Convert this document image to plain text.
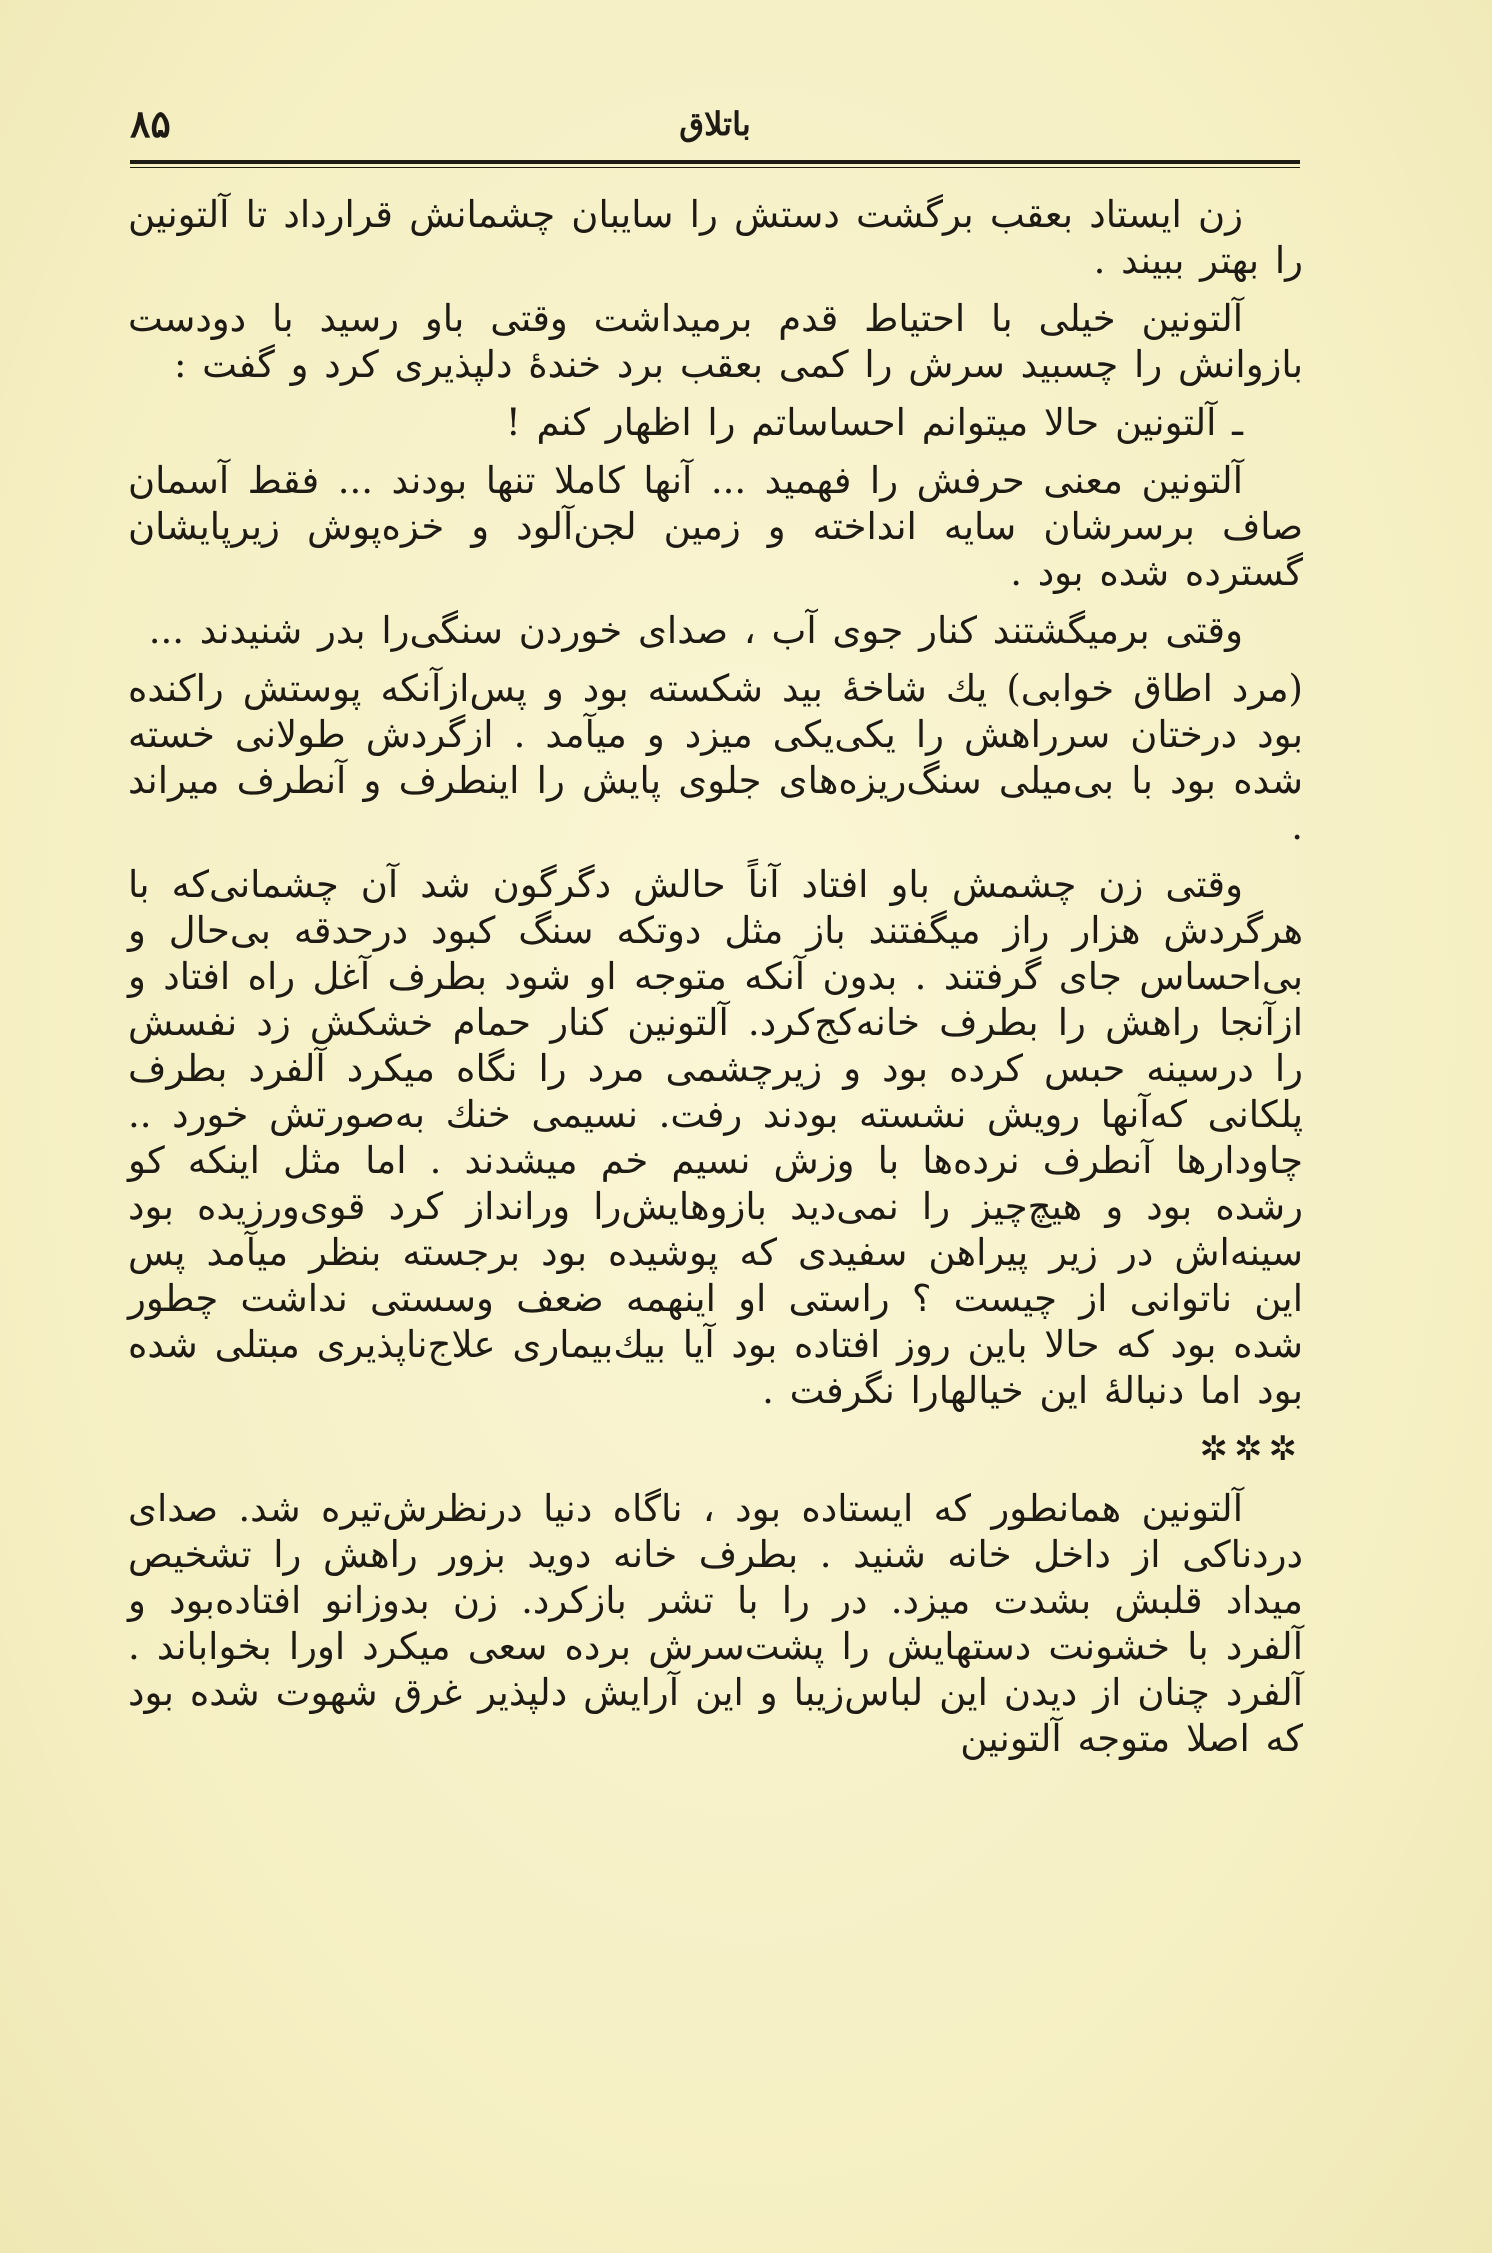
باتلاق
۸۵

زن ایستاد بعقب برگشت دستش را سایبان چشمانش قرارداد تا آلتونین را بهتر ببیند .

آلتونین خیلی با احتیاط قدم برمیداشت وقتی باو رسید با دودست بازوانش را چسبید سرش را کمی بعقب برد خندهٔ دلپذیری کرد و گفت :

ـ آلتونین حالا میتوانم احساساتم را اظهار کنم !

آلتونین معنی حرفش را فهمید ... آنها کاملا تنها بودند ... فقط آسمان صاف برسرشان سایه انداخته و زمین لجن‌آلود و خزه‌پوش زیرپایشان گسترده شده بود .

وقتی برمیگشتند کنار جوی آب ، صدای خوردن سنگی‌را بدر شنیدند ...

(مرد اطاق خوابی) یك شاخهٔ بید شکسته بود و پس‌ازآنکه پوستش راکنده بود درختان سرراهش را یکی‌یکی میزد و میآمد . ازگردش طولانی خسته شده بود با بی‌میلی سنگ‌ریزه‌های جلوی پایش را اینطرف و آنطرف میراند .

وقتی زن چشمش باو افتاد آناً حالش دگرگون شد آن چشمانی‌که با هرگردش هزار راز میگفتند باز مثل دوتکه سنگ کبود درحدقه بی‌حال و بی‌احساس جای گرفتند . بدون آنکه متوجه او شود بطرف آغل راه افتاد و ازآنجا راهش را بطرف خانه‌کج‌کرد. آلتونین کنار حمام خشکش زد نفسش را درسینه حبس کرده بود و زیرچشمی مرد را نگاه میکرد آلفرد بطرف پلکانی که‌آنها رویش نشسته بودند رفت. نسیمی خنك به‌صورتش خورد .. چاودارها آنطرف نرده‌ها با وزش نسیم خم میشدند . اما مثل اینکه کو رشده بود و هیچ‌چیز را نمی‌دید بازوهایش‌را ورانداز کرد قوی‌ورزیده بود سینه‌اش در زیر پیراهن سفیدی که پوشیده بود برجسته بنظر میآمد پس این ناتوانی از چیست ؟ راستی او اینهمه ضعف وسستی نداشت چطور شده بود که حالا باین روز افتاده بود آیا بیك‌بیماری علاج‌ناپذیری مبتلی شده بود اما دنبالهٔ این خیالهارا نگرفت .

✲✲✲

آلتونین همانطور که ایستاده بود ، ناگاه دنیا درنظرش‌تیره شد. صدای دردناکی از داخل خانه شنید . بطرف خانه دوید بزور راهش را تشخیص میداد قلبش بشدت میزد. در را با تشر بازکرد. زن بدوزانو افتاده‌بود و آلفرد با خشونت دستهایش را پشت‌سرش برده سعی میکرد اورا بخواباند . آلفرد چنان از دیدن این لباس‌زیبا و این آرایش دلپذیر غرق شهوت شده بود که اصلا متوجه آلتونین
